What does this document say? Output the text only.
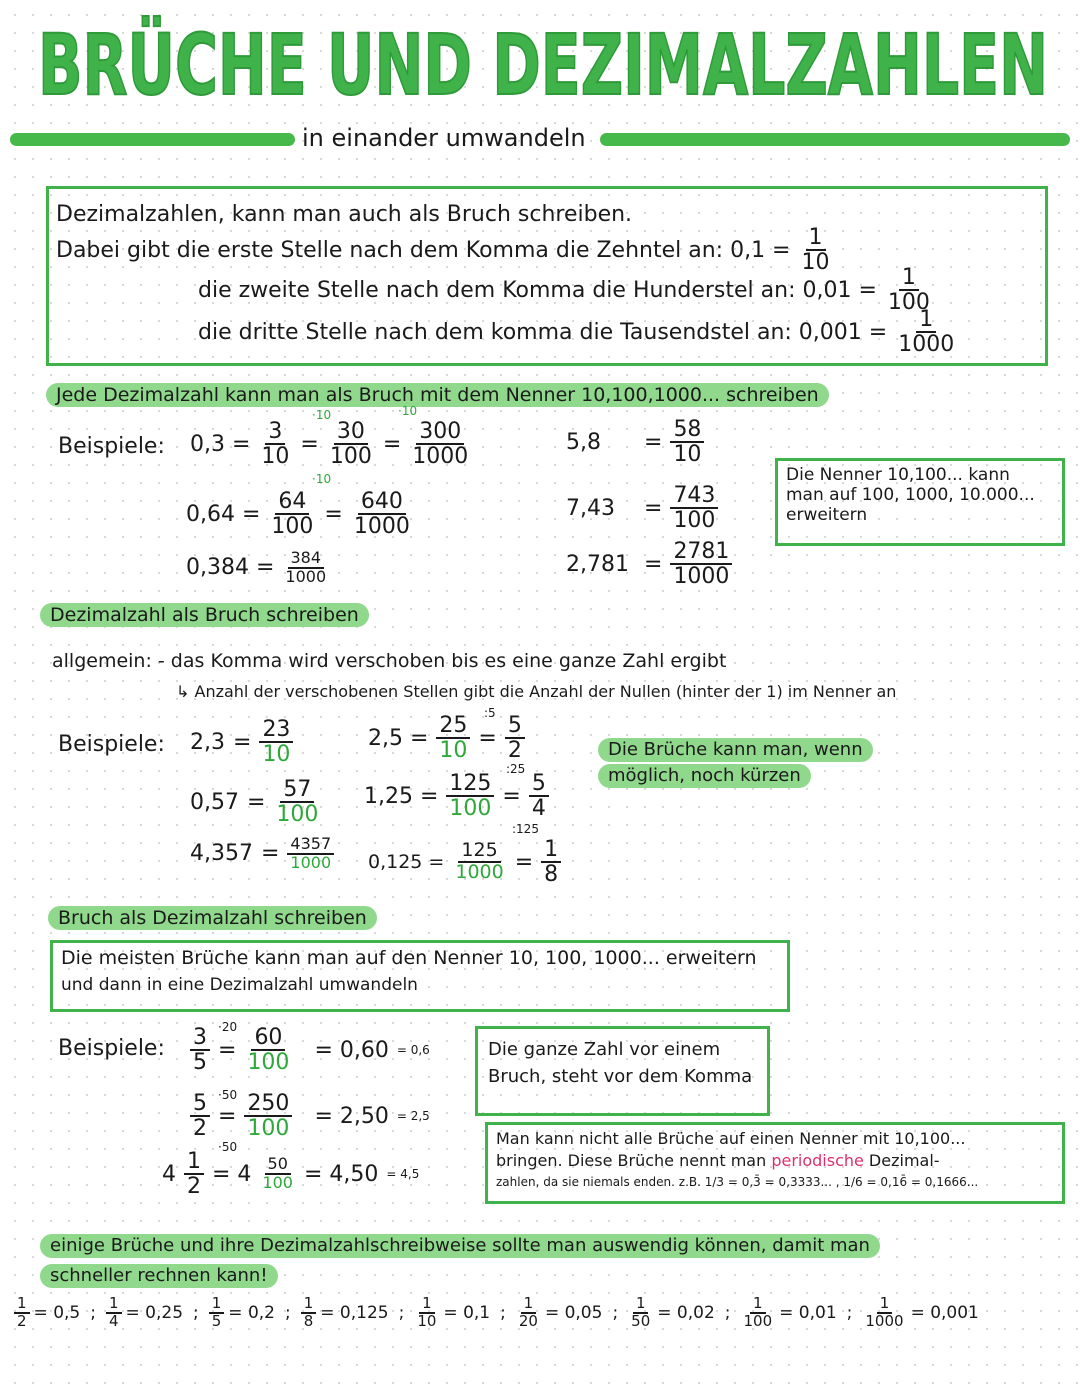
BRÜCHE UND DEZIMALZAHLEN
in einander umwandeln
Dezimalzahlen, kann man auch als Bruch schreiben.
Dabei gibt die erste Stelle nach dem Komma die Zehntel an: $0,1 = \frac{1}{10}$
die zweite Stelle nach dem Komma die Hunderstel an: $0,01 = \frac{1}{100}$
die dritte Stelle nach dem komma die Tausendstel an: $0,001 = \frac{1}{1000}$
Jede Dezimalzahl kann man als Bruch mit dem Nenner 10,100,1000... schreiben
Beispiele: $0,3 = \frac{3}{10} = \frac{30}{100} = \frac{300}{1000}$
·10	·10
·10
$0,64 = \frac{64}{100} = \frac{640}{1000}$
$0,384 = \frac{384}{1000}$
5,8	= $\frac{58}{10}$
7,43	= $\frac{743}{100}$
$2,781 = \frac{2781}{1000}$
Die Nenner 10,100... kann
man auf 100, 1000, 10.000...
erweitern
Dezimalzahl als Bruch schreiben
allgemein: - das Komma wird verschoben bis es eine ganze Zahl ergibt
↳ Anzahl der verschobenen Stellen gibt die Anzahl der Nullen (hinter der 1) im Nenner an
Beispiele: $2,3 = \frac{23}{10}$
$0,57 = \frac{57}{100}$
$4,357 = \frac{4357}{1000}$
$2,5 = \frac{25}{10} = \frac{5}{2}$
:5
$1,25 = \frac{125}{100} = \frac{5}{4}$
:25
$0,125 = \frac{125}{1000} = \frac{1}{8}$
:125
Die Brüche kann man, wenn
möglich, noch kürzen
Bruch als Dezimalzahl schreiben
Die meisten Brüche kann man auf den Nenner 10, 100, 1000... erweitern
und dann in eine Dezimalzahl umwandeln
Beispiele: $\frac{3}{5} = \frac{60}{100} = 0,60 = 0,6$
·20
$\frac{5}{2} = \frac{250}{100} = 2,50 = 2,5$
·50
$4 \frac{1}{2} = 4 \frac{50}{100} = 4,50 = 4,5$
·50
Die ganze Zahl vor einem
Bruch, steht vor dem Komma
Man kann nicht alle Brüche auf einen Nenner mit 10,100...
bringen. Diese Brüche nennt man periodische Dezimal-
zahlen, da sie niemals enden. z.B. 1/3 = 0,3̄ = 0,3333... , 1/6 = 0,16̄ = 0,1666...
einige Brüche und ihre Dezimalzahlschreibweise sollte man auswendig können, damit man
schneller rechnen kann!
$\frac{1}{2} = 0,5$ ; $\frac{1}{4} = 0,25$ ; $\frac{1}{5} = 0,2$ ; $\frac{1}{8} = 0,125$ ; $\frac{1}{10} = 0,1$ ; $\frac{1}{20} = 0,05$ ; $\frac{1}{50} = 0,02$ ; $\frac{1}{100} = 0,01$ ; $\frac{1}{1000} = 0,001$
